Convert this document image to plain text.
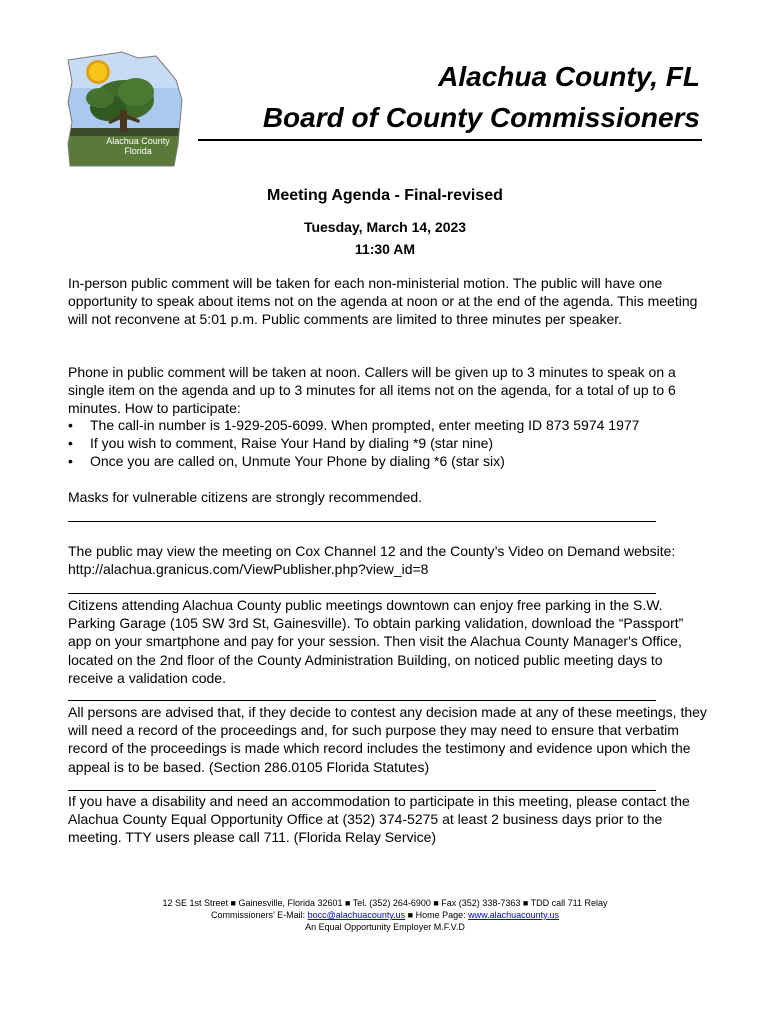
Alachua County
Florida
Alachua County, FL
Board of County Commissioners
Meeting Agenda - Final-revised
Tuesday, March 14, 2023
11:30 AM

In-person public comment will be taken for each non-ministerial motion. The public will have one opportunity to speak about items not on the agenda at noon or at the end of the agenda. This meeting will not reconvene at 5:01 p.m. Public comments are limited to three minutes per speaker.

Phone in public comment will be taken at noon. Callers will be given up to 3 minutes to speak on a single item on the agenda and up to 3 minutes for all items not on the agenda, for a total of up to 6 minutes. How to participate:

• The call-in number is 1-929-205-6099. When prompted, enter meeting ID 873 5974 1977
• If you wish to comment, Raise Your Hand by dialing *9 (star nine)
• Once you are called on, Unmute Your Phone by dialing *6 (star six)

Masks for vulnerable citizens are strongly recommended.

The public may view the meeting on Cox Channel 12 and the County’s Video on Demand website: http://alachua.granicus.com/ViewPublisher.php?view_id=8

Citizens attending Alachua County public meetings downtown can enjoy free parking in the S.W. Parking Garage (105 SW 3rd St, Gainesville). To obtain parking validation, download the “Passport” app on your smartphone and pay for your session. Then visit the Alachua County Manager's Office, located on the 2nd floor of the County Administration Building, on noticed public meeting days to receive a validation code.

All persons are advised that, if they decide to contest any decision made at any of these meetings, they will need a record of the proceedings and, for such purpose they may need to ensure that verbatim record of the proceedings is made which record includes the testimony and evidence upon which the appeal is to be based. (Section 286.0105 Florida Statutes)

If you have a disability and need an accommodation to participate in this meeting, please contact the Alachua County Equal Opportunity Office at (352) 374-5275 at least 2 business days prior to the meeting. TTY users please call 711. (Florida Relay Service)

12 SE 1st Street ■ Gainesville, Florida 32601 ■ Tel. (352) 264-6900 ■ Fax (352) 338-7363 ■ TDD call 711 Relay
Commissioners’ E-Mail: bocc@alachuacounty.us ■ Home Page: www.alachuacounty.us
An Equal Opportunity Employer M.F.V.D
